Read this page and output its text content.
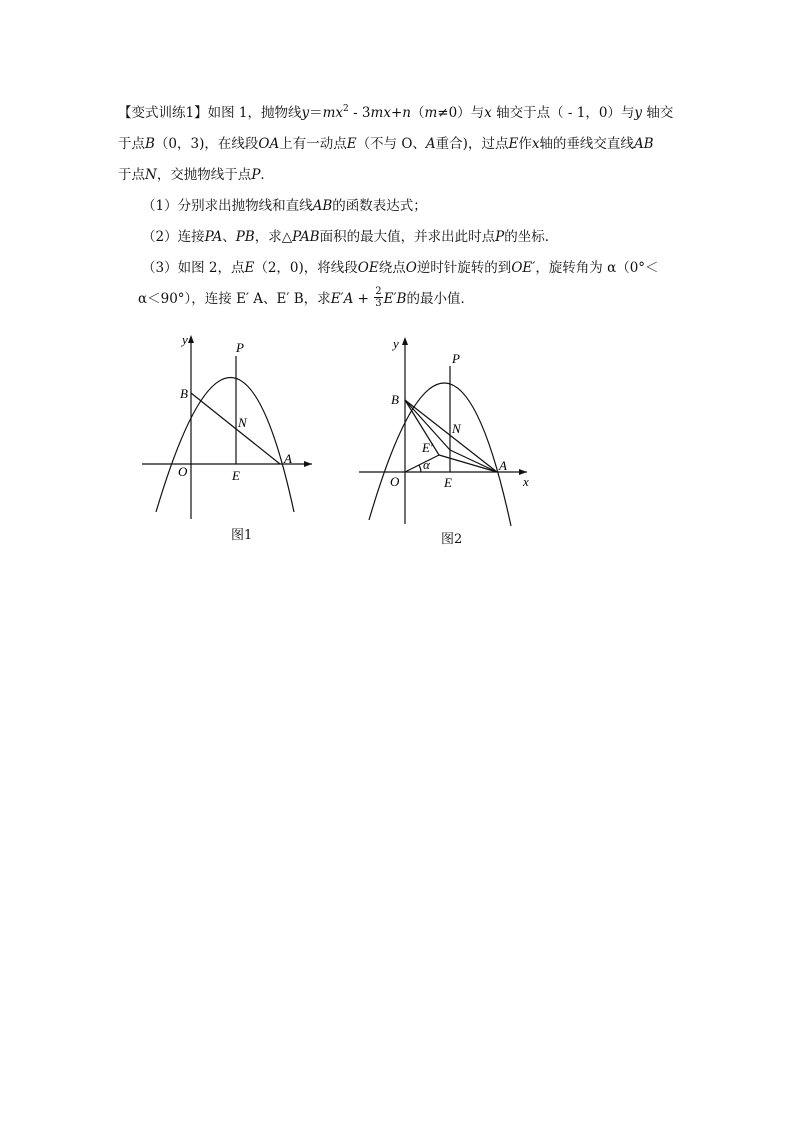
【变式训练1】如图 1，抛物线$y=mx^2 - 3mx+n(m\ne 0)$与x 轴交于点（ - 1，0）与y 轴交
于点B（0，3)，在线段OA上有一动点E（不与 O、A重合)，过点E作x轴的垂线交直线AB
于点N，交抛物线于点P．
（1）分别求出抛物线和直线AB的函数表达式；
（2）连接PA、PB，求△PAB面积的最大值，并求出此时点P的坐标．
（3）如图 2，点E（2，0)，将线段OE绕点O逆时针旋转的到OE′，旋转角为 α（0°＜
α＜90°），连接 E′ A、E′ B，求$E'A + \frac{2}{3} E'B$的最小值．
y
P
B
N
O	E
A
图1
y
P
B
N
E′
α
O	E
A
x
图2
